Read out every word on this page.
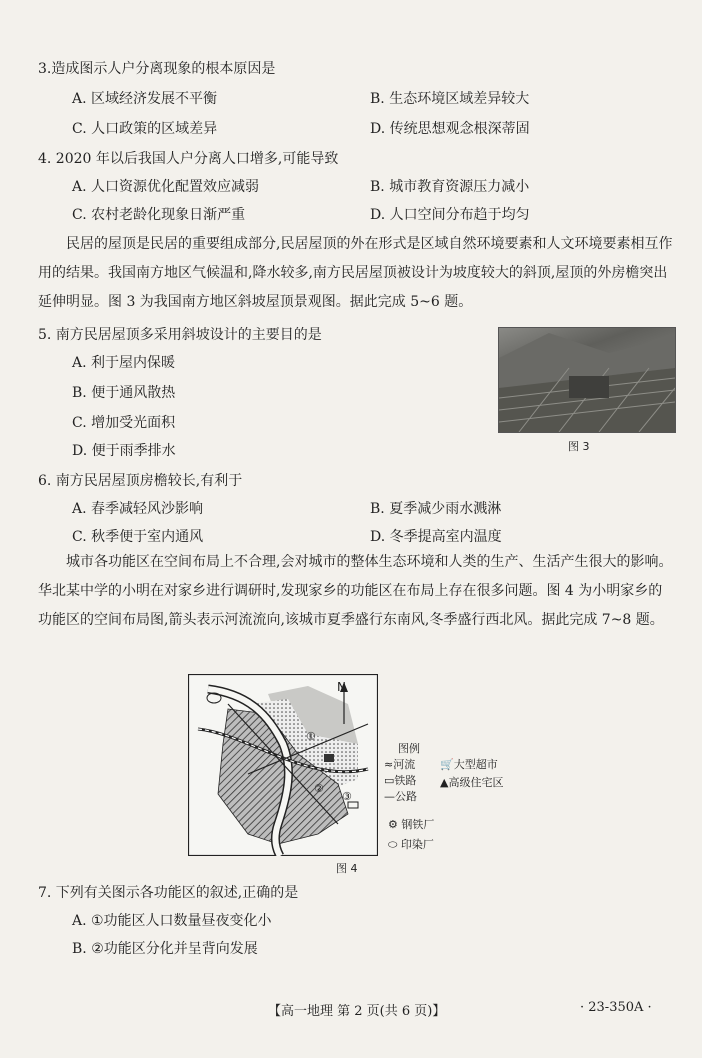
3.造成图示人户分离现象的根本原因是
A. 区域经济发展不平衡	B. 生态环境区域差异较大
C. 人口政策的区域差异	D. 传统思想观念根深蒂固
4. 2020 年以后我国人户分离人口增多,可能导致
A. 人口资源优化配置效应减弱	B. 城市教育资源压力减小
C. 农村老龄化现象日渐严重	D. 人口空间分布趋于均匀
民居的屋顶是民居的重要组成部分,民居屋顶的外在形式是区域自然环境要素和人文环境要素相互作用的结果。我国南方地区气候温和,降水较多,南方民居屋顶被设计为坡度较大的斜顶,屋顶的外房檐突出延伸明显。图 3 为我国南方地区斜坡屋顶景观图。据此完成 5~6 题。
5. 南方民居屋顶多采用斜坡设计的主要目的是
A. 利于屋内保暖
B. 便于通风散热
C. 增加受光面积
D. 便于雨季排水	图 3
6. 南方民居屋顶房檐较长,有利于
A. 春季减轻风沙影响	B. 夏季减少雨水溅淋
C. 秋季便于室内通风	D. 冬季提高室内温度
城市各功能区在空间布局上不合理,会对城市的整体生态环境和人类的生产、生活产生很大的影响。华北某中学的小明在对家乡进行调研时,发现家乡的功能区在布局上存在很多问题。图 4 为小明家乡的功能区的空间布局图,箭头表示河流流向,该城市夏季盛行东南风,冬季盛行西北风。据此完成 7~8 题。
N
①
②
③
图 4
图例
≈河流
▭铁路
—公路
🛒大型超市
▲高级住宅区
⚙ 钢铁厂
⬭ 印染厂
7. 下列有关图示各功能区的叙述,正确的是
A. ①功能区人口数量昼夜变化小
B. ②功能区分化并呈背向发展
【高一地理 第 2 页(共 6 页)】	· 23-350A ·
